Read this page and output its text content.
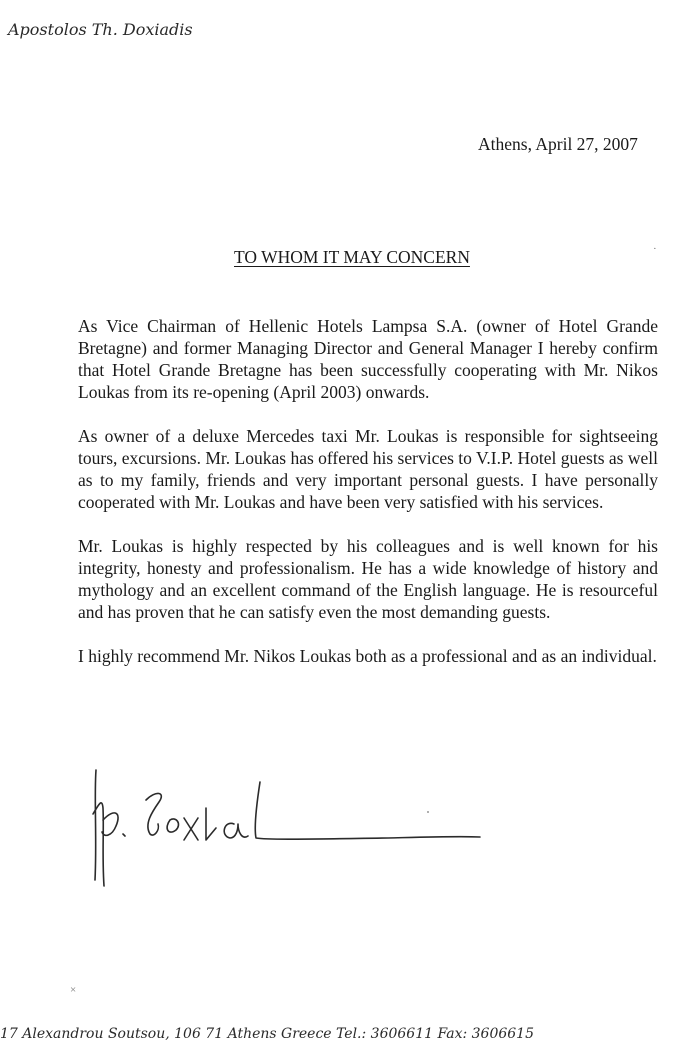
Apostolos Th. Doxiadis
Athens, April 27, 2007
TO WHOM IT MAY CONCERN

As Vice Chairman of Hellenic Hotels Lampsa S.A. (owner of Hotel Grande Bretagne) and former Managing Director and General Manager I hereby confirm that Hotel Grande Bretagne has been successfully cooperating with Mr. Nikos Loukas from its re-opening (April 2003) onwards.

As owner of a deluxe Mercedes taxi Mr. Loukas is responsible for sightseeing tours, excursions. Mr. Loukas has offered his services to V.I.P. Hotel guests as well as to my family, friends and very important personal guests. I have personally cooperated with Mr. Loukas and have been very satisfied with his services.

Mr. Loukas is highly respected by his colleagues and is well known for his integrity, honesty and professionalism. He has a wide knowledge of history and mythology and an excellent command of the English language. He is resourceful and has proven that he can satisfy even the most demanding guests.

I highly recommend Mr. Nikos Loukas both as a professional and as an individual.

×
·
17 Alexandrou Soutsou, 106 71 Athens Greece Tel.: 3606611 Fax: 3606615
